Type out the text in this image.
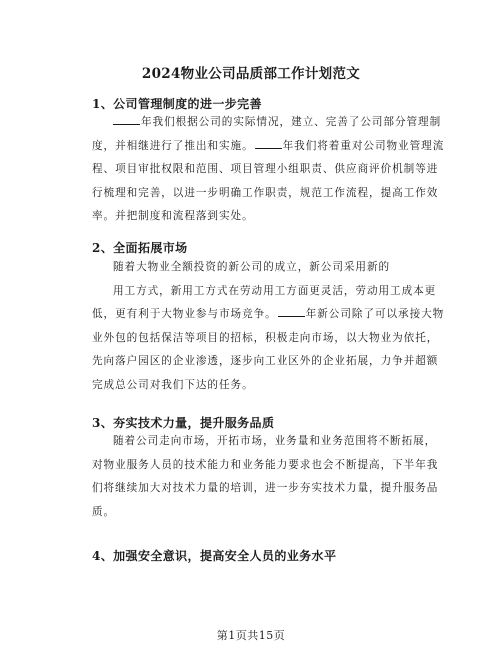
2024物业公司品质部工作计划范文
1、公司管理制度的进一步完善
年我们根据公司的实际情况，建立、完善了公司部分管理制
度，并相继进行了推出和实施。	年我们将着重对公司物业管理流
程、项目审批权限和范围、项目管理小组职责、供应商评价机制等进
行梳理和完善，以进一步明确工作职责，规范工作流程，提高工作效
率。并把制度和流程落到实处。
2、全面拓展市场
随着大物业全额投资的新公司的成立，新公司采用新的
用工方式，新用工方式在劳动用工方面更灵活，劳动用工成本更
低，更有利于大物业参与市场竞争。	年新公司除了可以承接大物
业外包的包括保洁等项目的招标，积极走向市场，以大物业为依托，
先向落户园区的企业渗透，逐步向工业区外的企业拓展，力争并超额
完成总公司对我们下达的任务。
3、夯实技术力量，提升服务品质
随着公司走向市场，开拓市场，业务量和业务范围将不断拓展，
对物业服务人员的技术能力和业务能力要求也会不断提高，下半年我
们将继续加大对技术力量的培训，进一步夯实技术力量，提升服务品
质。
4、加强安全意识，提高安全人员的业务水平
第1页共15页
